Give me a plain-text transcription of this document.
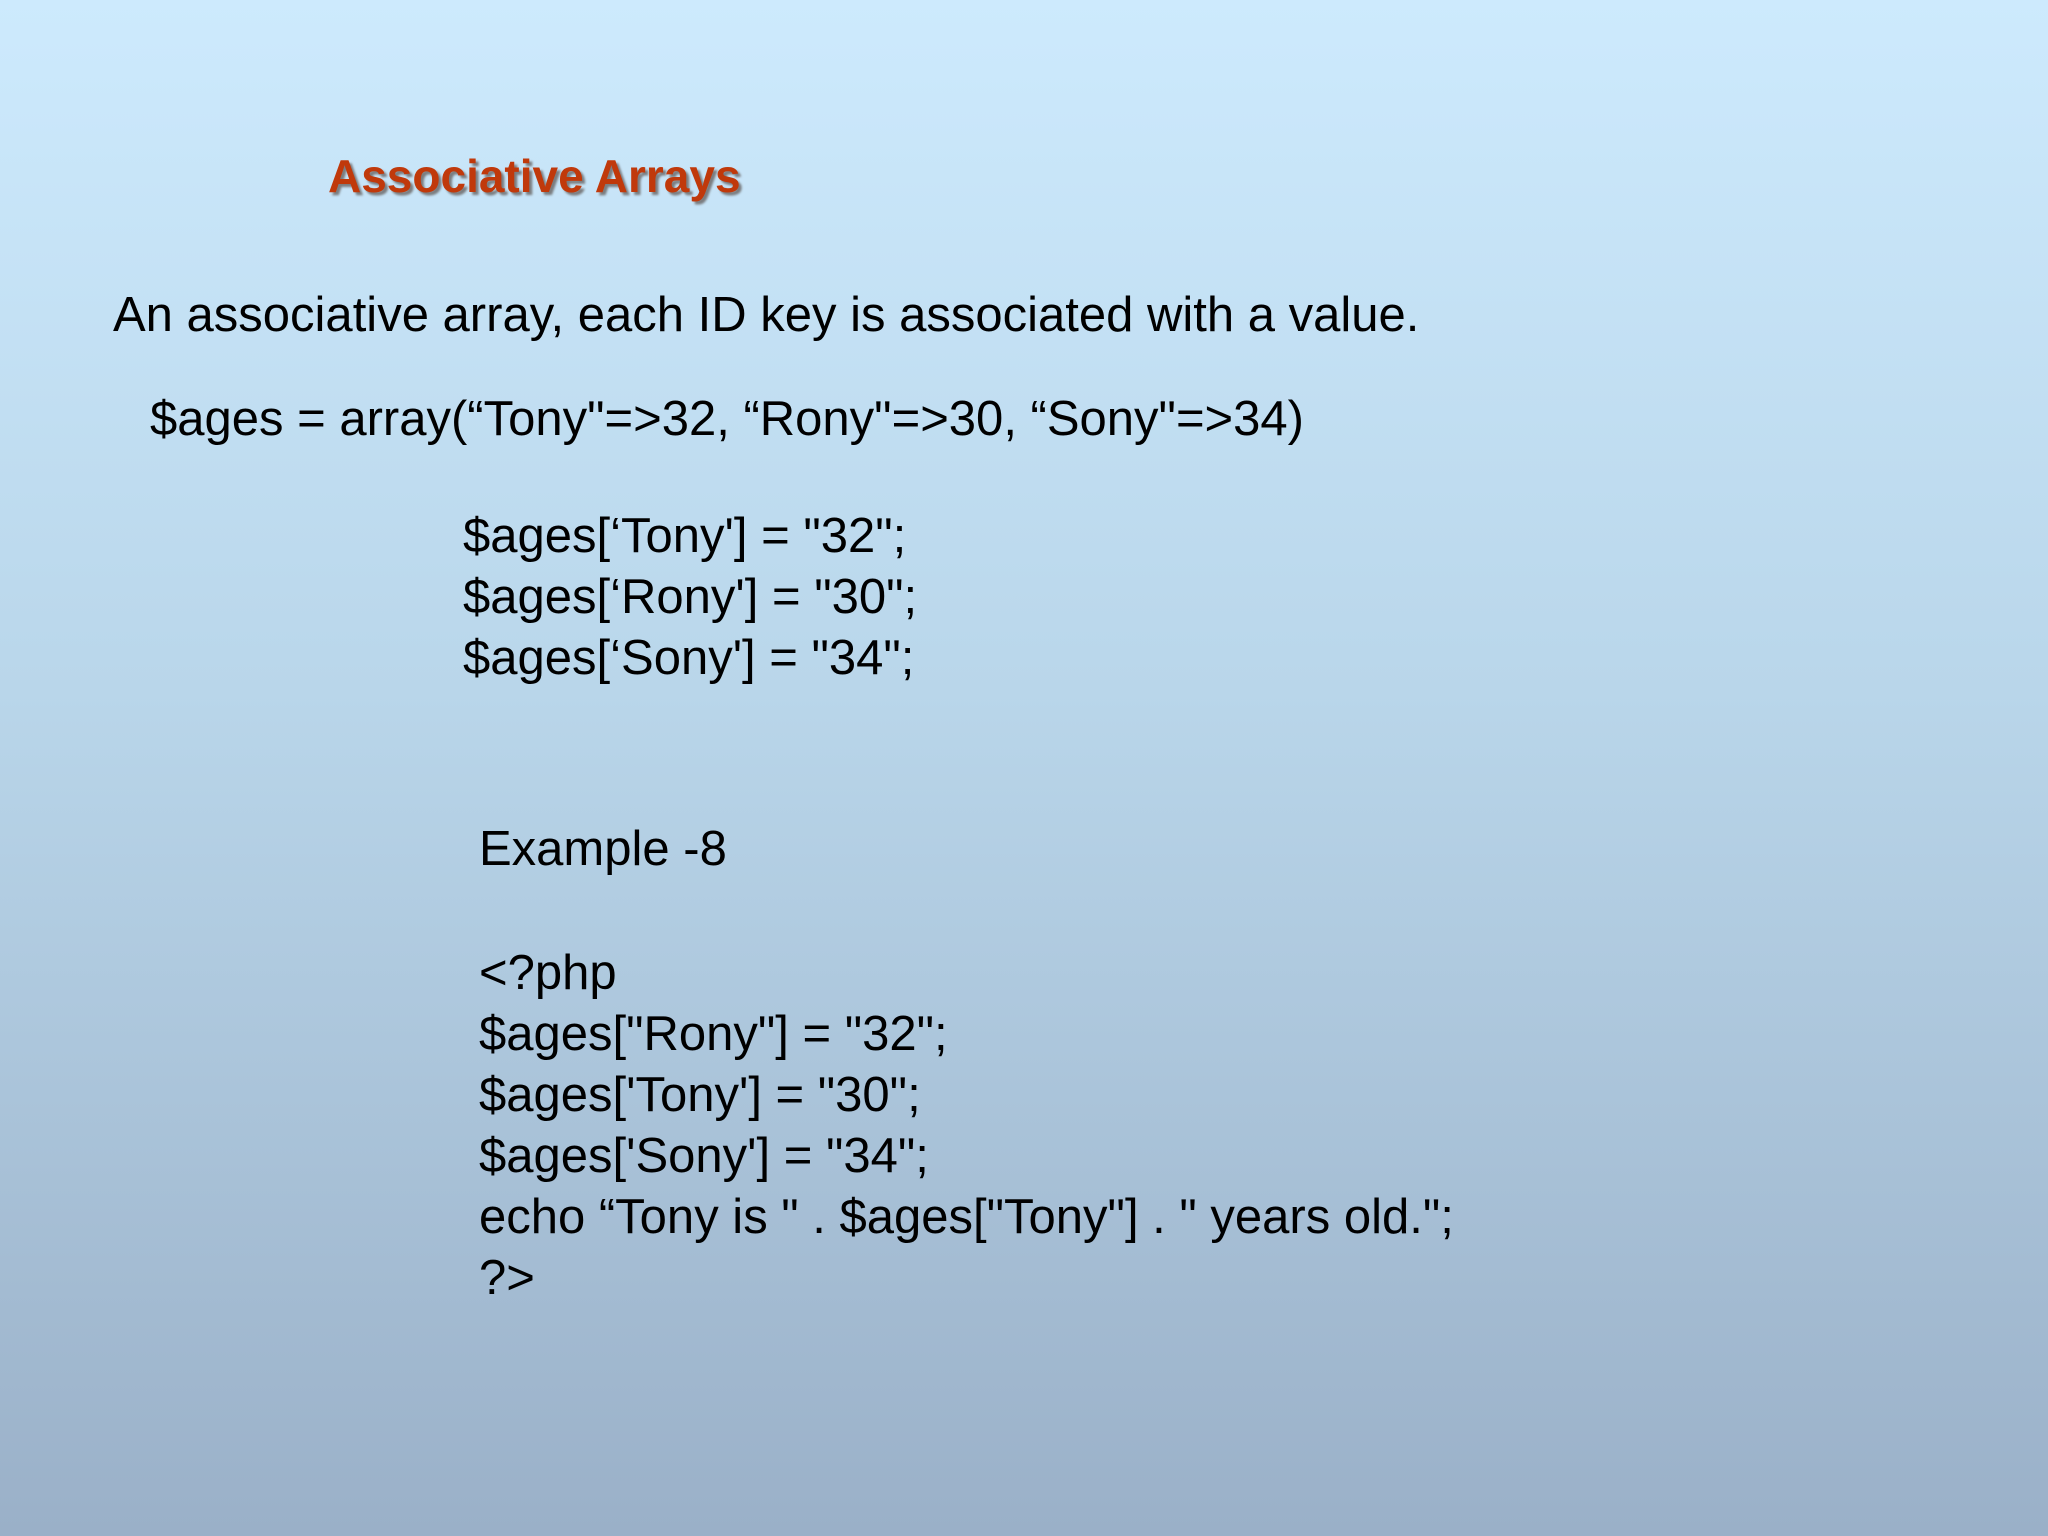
Associative Arrays
An associative array, each ID key is associated with a value.
$ages = array(“Tony"=>32, “Rony"=>30, “Sony"=>34)
$ages[‘Tony'] = "32";
$ages[‘Rony'] = "30";
$ages[‘Sony'] = "34";
Example -8
<?php
$ages["Rony"] = "32";
$ages['Tony'] = "30";
$ages['Sony'] = "34";
echo “Tony is " . $ages["Tony"] . " years old.";
?>
